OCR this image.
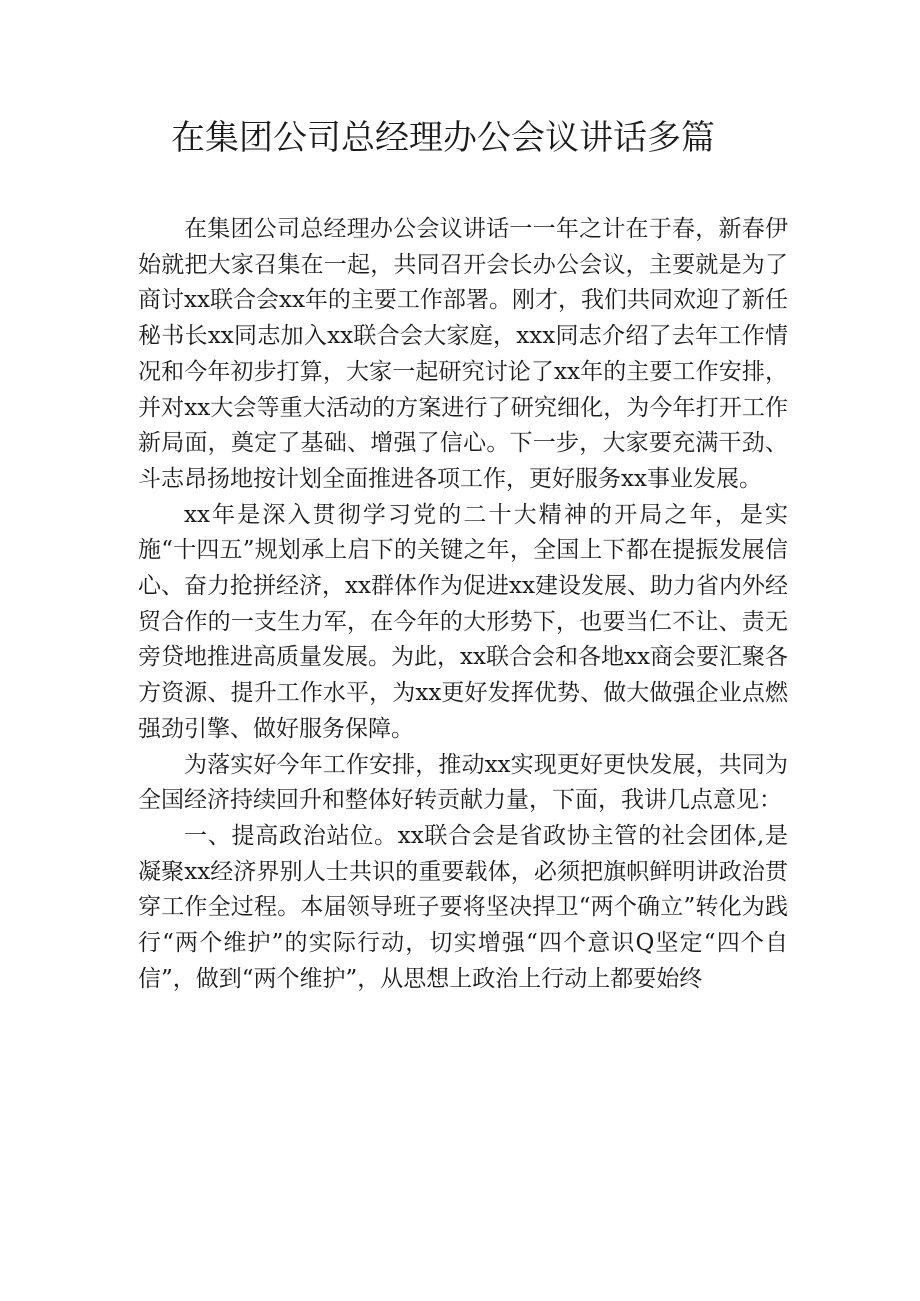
在集团公司总经理办公会议讲话多篇

在集团公司总经理办公会议讲话一一年之计在于春，新春伊始就把大家召集在一起，共同召开会长办公会议，主要就是为了商讨xx联合会xx年的主要工作部署。刚才，我们共同欢迎了新任秘书长xx同志加入xx联合会大家庭，xxx同志介绍了去年工作情况和今年初步打算，大家一起研究讨论了xx年的主要工作安排，并对xx大会等重大活动的方案进行了研究细化，为今年打开工作新局面，奠定了基础、增强了信心。下一步，大家要充满干劲、斗志昂扬地按计划全面推进各项工作，更好服务xx事业发展。

xx年是深入贯彻学习党的二十大精神的开局之年，是实施“十四五”规划承上启下的关键之年，全国上下都在提振发展信心、奋力抢拼经济，xx群体作为促进xx建设发展、助力省内外经贸合作的一支生力军，在今年的大形势下，也要当仁不让、责无旁贷地推进高质量发展。为此，xx联合会和各地xx商会要汇聚各方资源、提升工作水平，为xx更好发挥优势、做大做强企业点燃强劲引擎、做好服务保障。

为落实好今年工作安排，推动xx实现更好更快发展，共同为全国经济持续回升和整体好转贡献力量，下面，我讲几点意见：

一、提高政治站位。xx联合会是省政协主管的社会团体,是凝聚xx经济界别人士共识的重要载体，必须把旗帜鲜明讲政治贯穿工作全过程。本届领导班子要将坚决捍卫“两个确立”转化为践行“两个维护”的实际行动，切实增强“四个意识Q坚定“四个自信”，做到“两个维护”，从思想上政治上行动上都要始终
